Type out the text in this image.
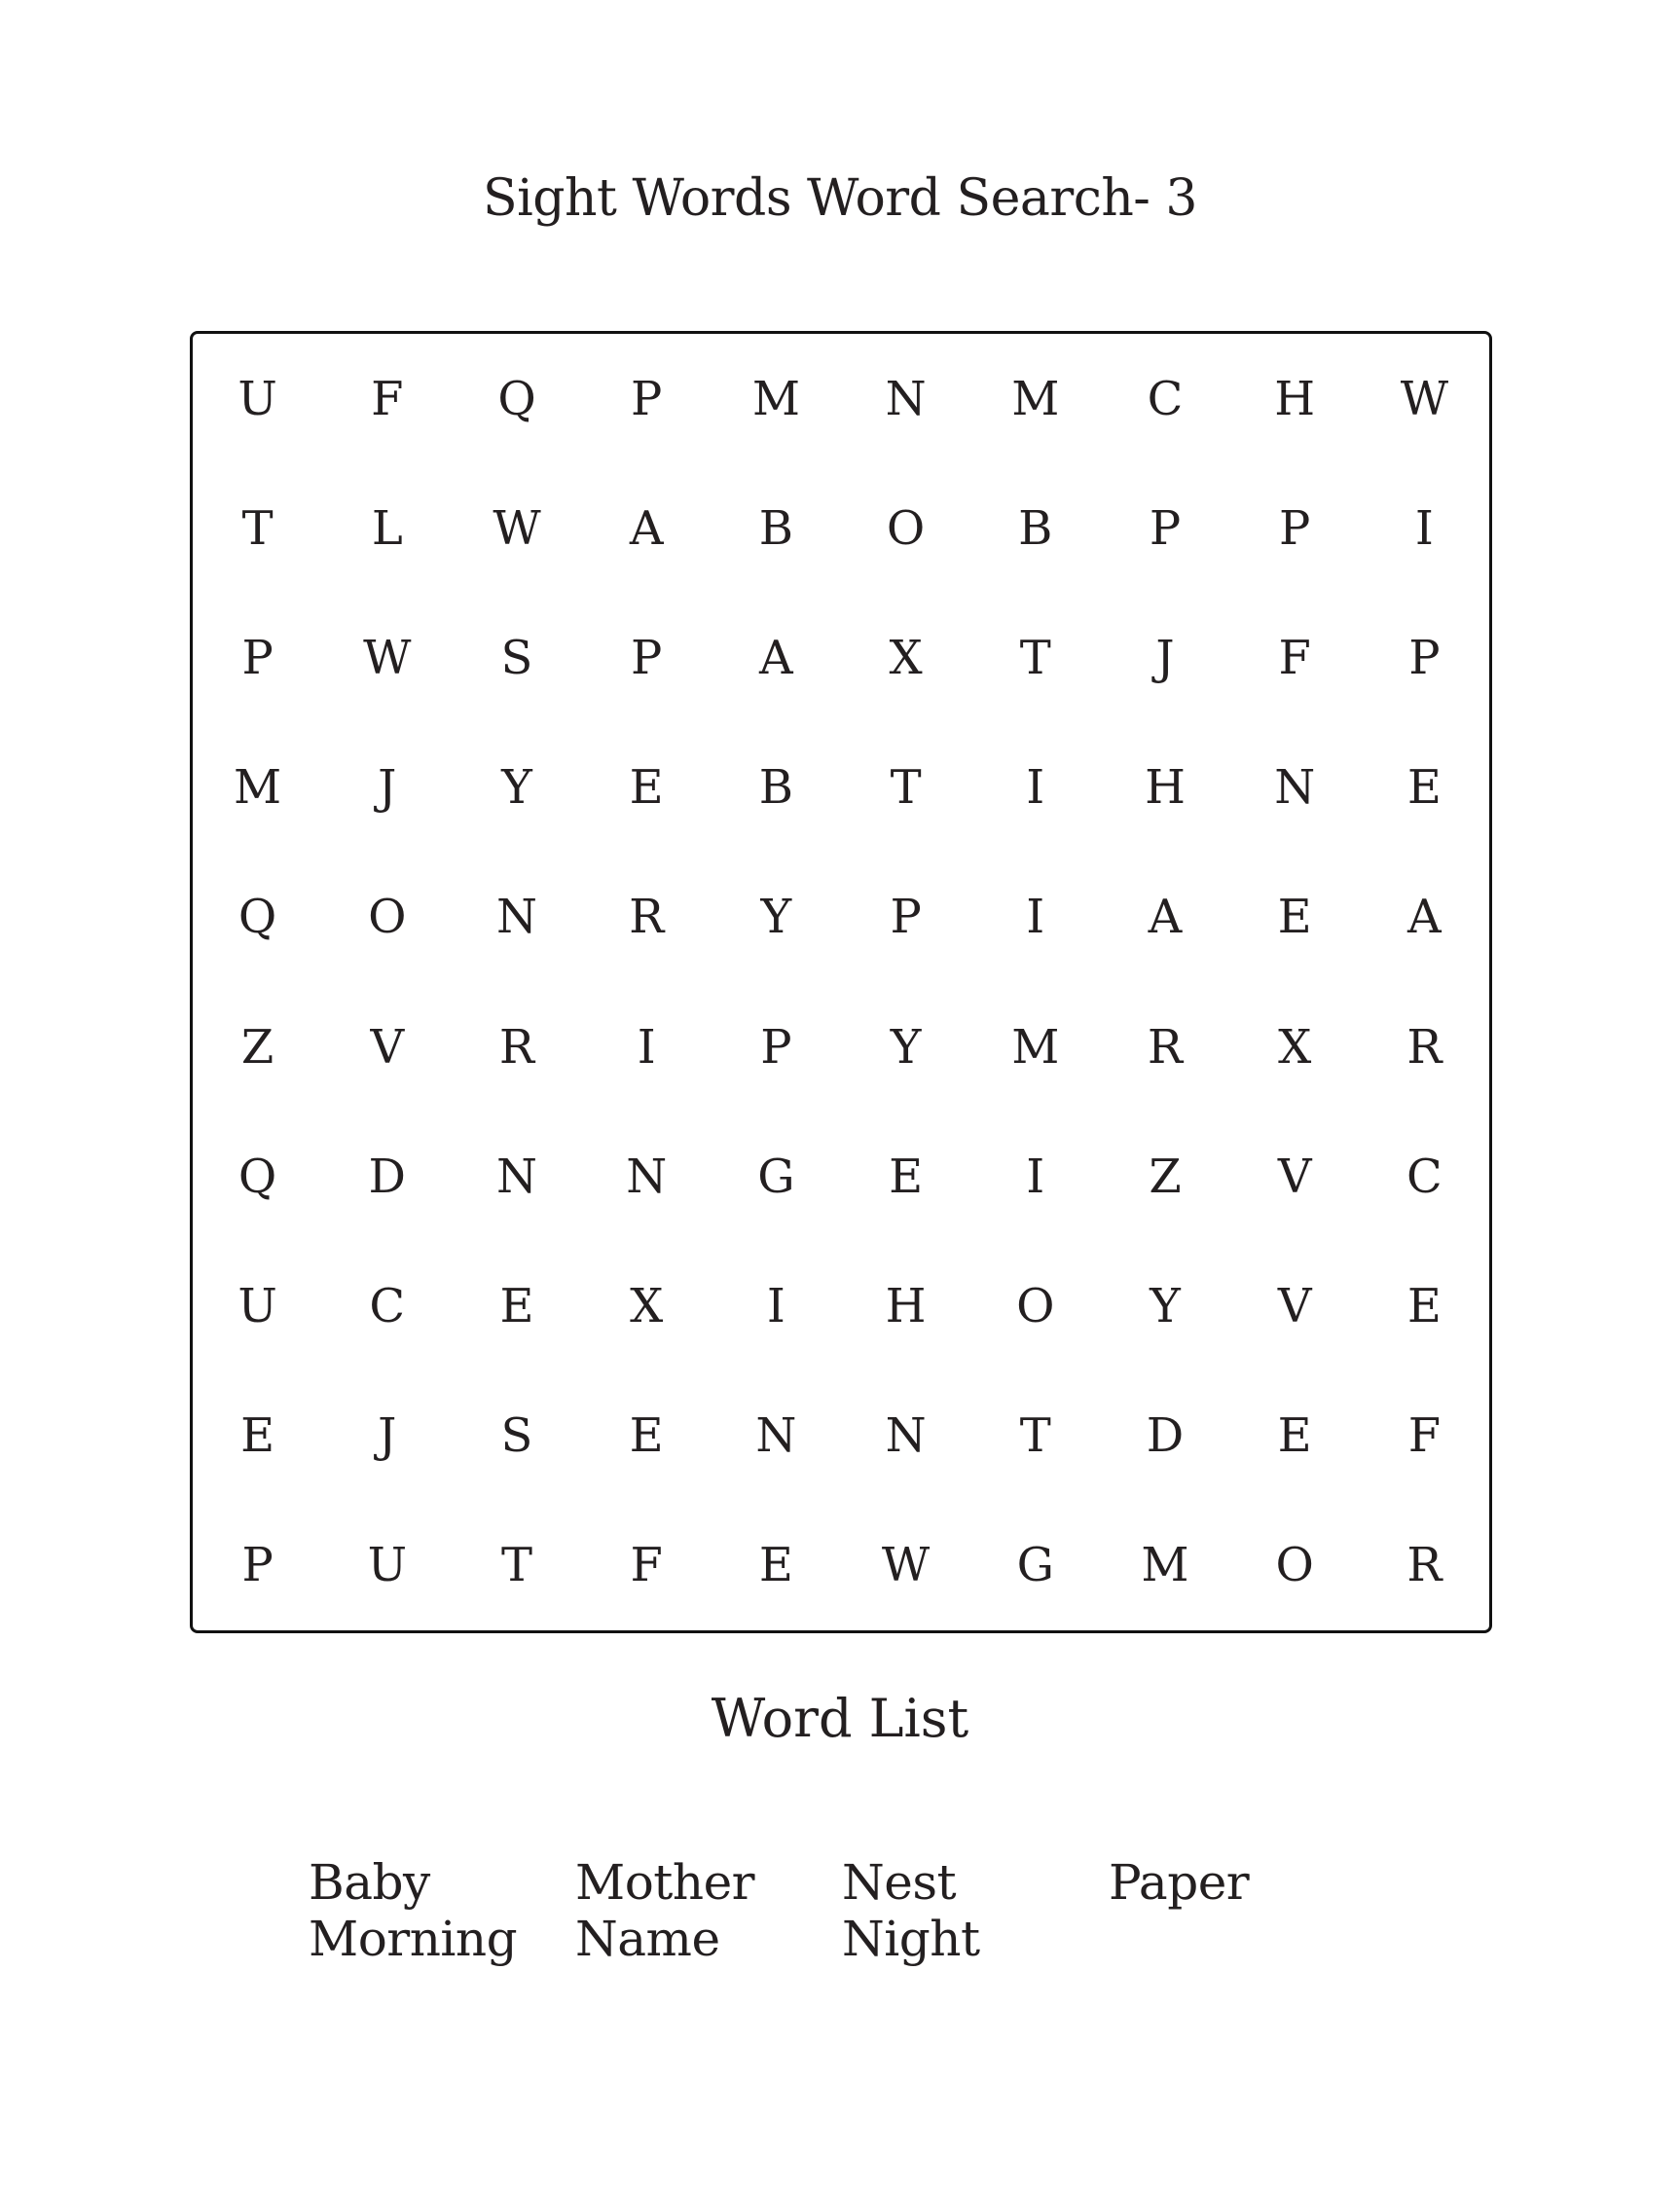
Sight Words Word Search- 3
U	F	Q	P	M	N	M	C	H	W
T	L	W	A	B	O	B	P	P	I
P	W	S	P	A	X	T	J	F	P
M	J	Y	E	B	T	I	H	N	E
Q	O	N	R	Y	P	I	A	E	A
Z	V	R	I	P	Y	M	R	X	R
Q	D	N	N	G	E	I	Z	V	C
U	C	E	X	I	H	O	Y	V	E
E	J	S	E	N	N	T	D	E	F
P	U	T	F	E	W	G	M	O	R
Word List
Baby	Mother	Nest	Paper
Morning	Name	Night
